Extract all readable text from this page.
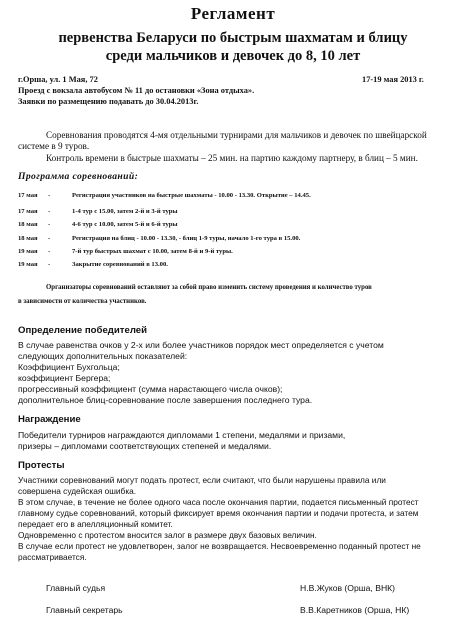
Регламент
первенства Беларуси по быстрым шахматам и блицу
среди мальчиков и девочек до 8, 10 лет
г.Орша, ул. 1 Мая, 72	17-19 мая 2013 г.
Проезд с вокзала автобусом № 11 до остановки «Зона отдыха».
Заявки по размещению подавать до 30.04.2013г.
Соревнования проводятся 4-мя отдельными турнирами для мальчиков и девочек по швейцарской
системе в 9 туров.
Контроль времени в быстрые шахматы – 25 мин. на партию каждому партнеру, в блиц – 5 мин.
Программа соревнований:
17 мая -	Регистрация участников на быстрые шахматы - 10.00 - 13.30. Открытие – 14.45.
17 мая -	1-4 тур с 15.00, затем 2-й и 3-й туры
18 мая -	4-6 тур с 10.00, затем 5-й и 6-й туры
18 мая -	Регистрация на блиц - 10.00 - 13.30, - блиц 1-9 туры, начало 1-го тура в 15.00.
19 мая -	7-й тур быстрых шахмат с 10.00, затем 8-й и 9-й туры.
19 мая -	Закрытие соревнований в 13.00.
Организаторы соревнований оставляют за собой право изменить систему проведения и количество туров
в зависимости от количества участников.
Определение победителей
В случае равенства очков у 2-х или более участников порядок мест определяется с учетом
следующих дополнительных показателей:
Коэффициент Бухгольца;
коэффициент Бергера;
прогрессивный коэффициент (сумма нарастающего числа очков);
дополнительное блиц-соревнование после завершения последнего тура.
Награждение
Победители турниров награждаются дипломами 1 степени, медалями и призами,
призеры – дипломами соответствующих степеней и медалями.
Протесты
Участники соревнований могут подать протест, если считают, что были нарушены правила или
совершена судейская ошибка.
В этом случае, в течение не более одного часа после окончания партии, подается письменный протест
главному судье соревнований, который фиксирует время окончания партии и подачи протеста, и затем
передает его в апелляционный комитет.
Одновременно с протестом вносится залог в размере двух базовых величин.
В случае если протест не удовлетворен, залог не возвращается. Несвоевременно поданный протест не
рассматривается.
Главный судья	Н.В.Жуков (Орша, ВНК)
Главный секретарь	В.В.Каретников (Орша, НК)
